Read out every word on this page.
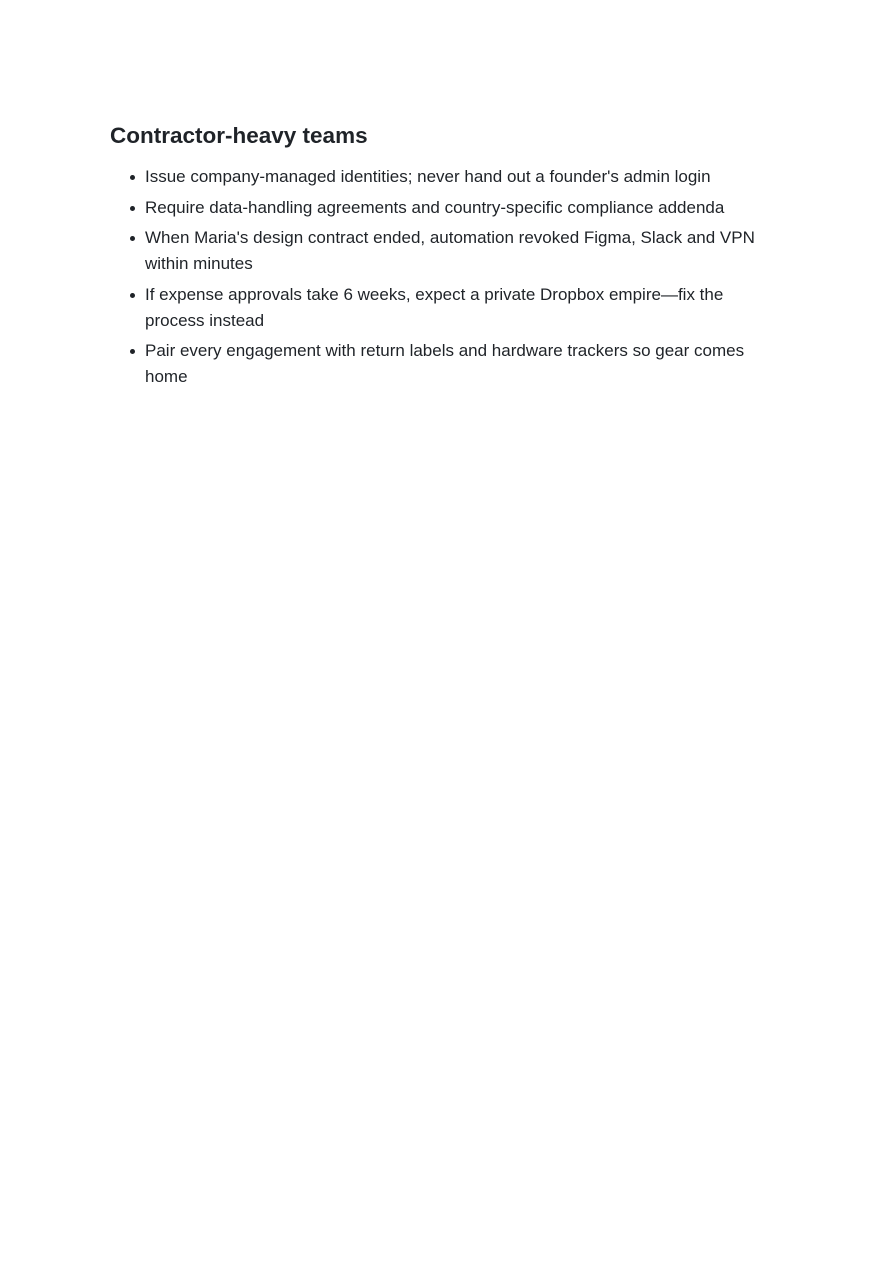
Contractor-heavy teams
Issue company-managed identities; never hand out a founder's admin login
Require data-handling agreements and country-specific compliance addenda
When Maria's design contract ended, automation revoked Figma, Slack and VPN within minutes
If expense approvals take 6 weeks, expect a private Dropbox empire—fix the process instead
Pair every engagement with return labels and hardware trackers so gear comes home
